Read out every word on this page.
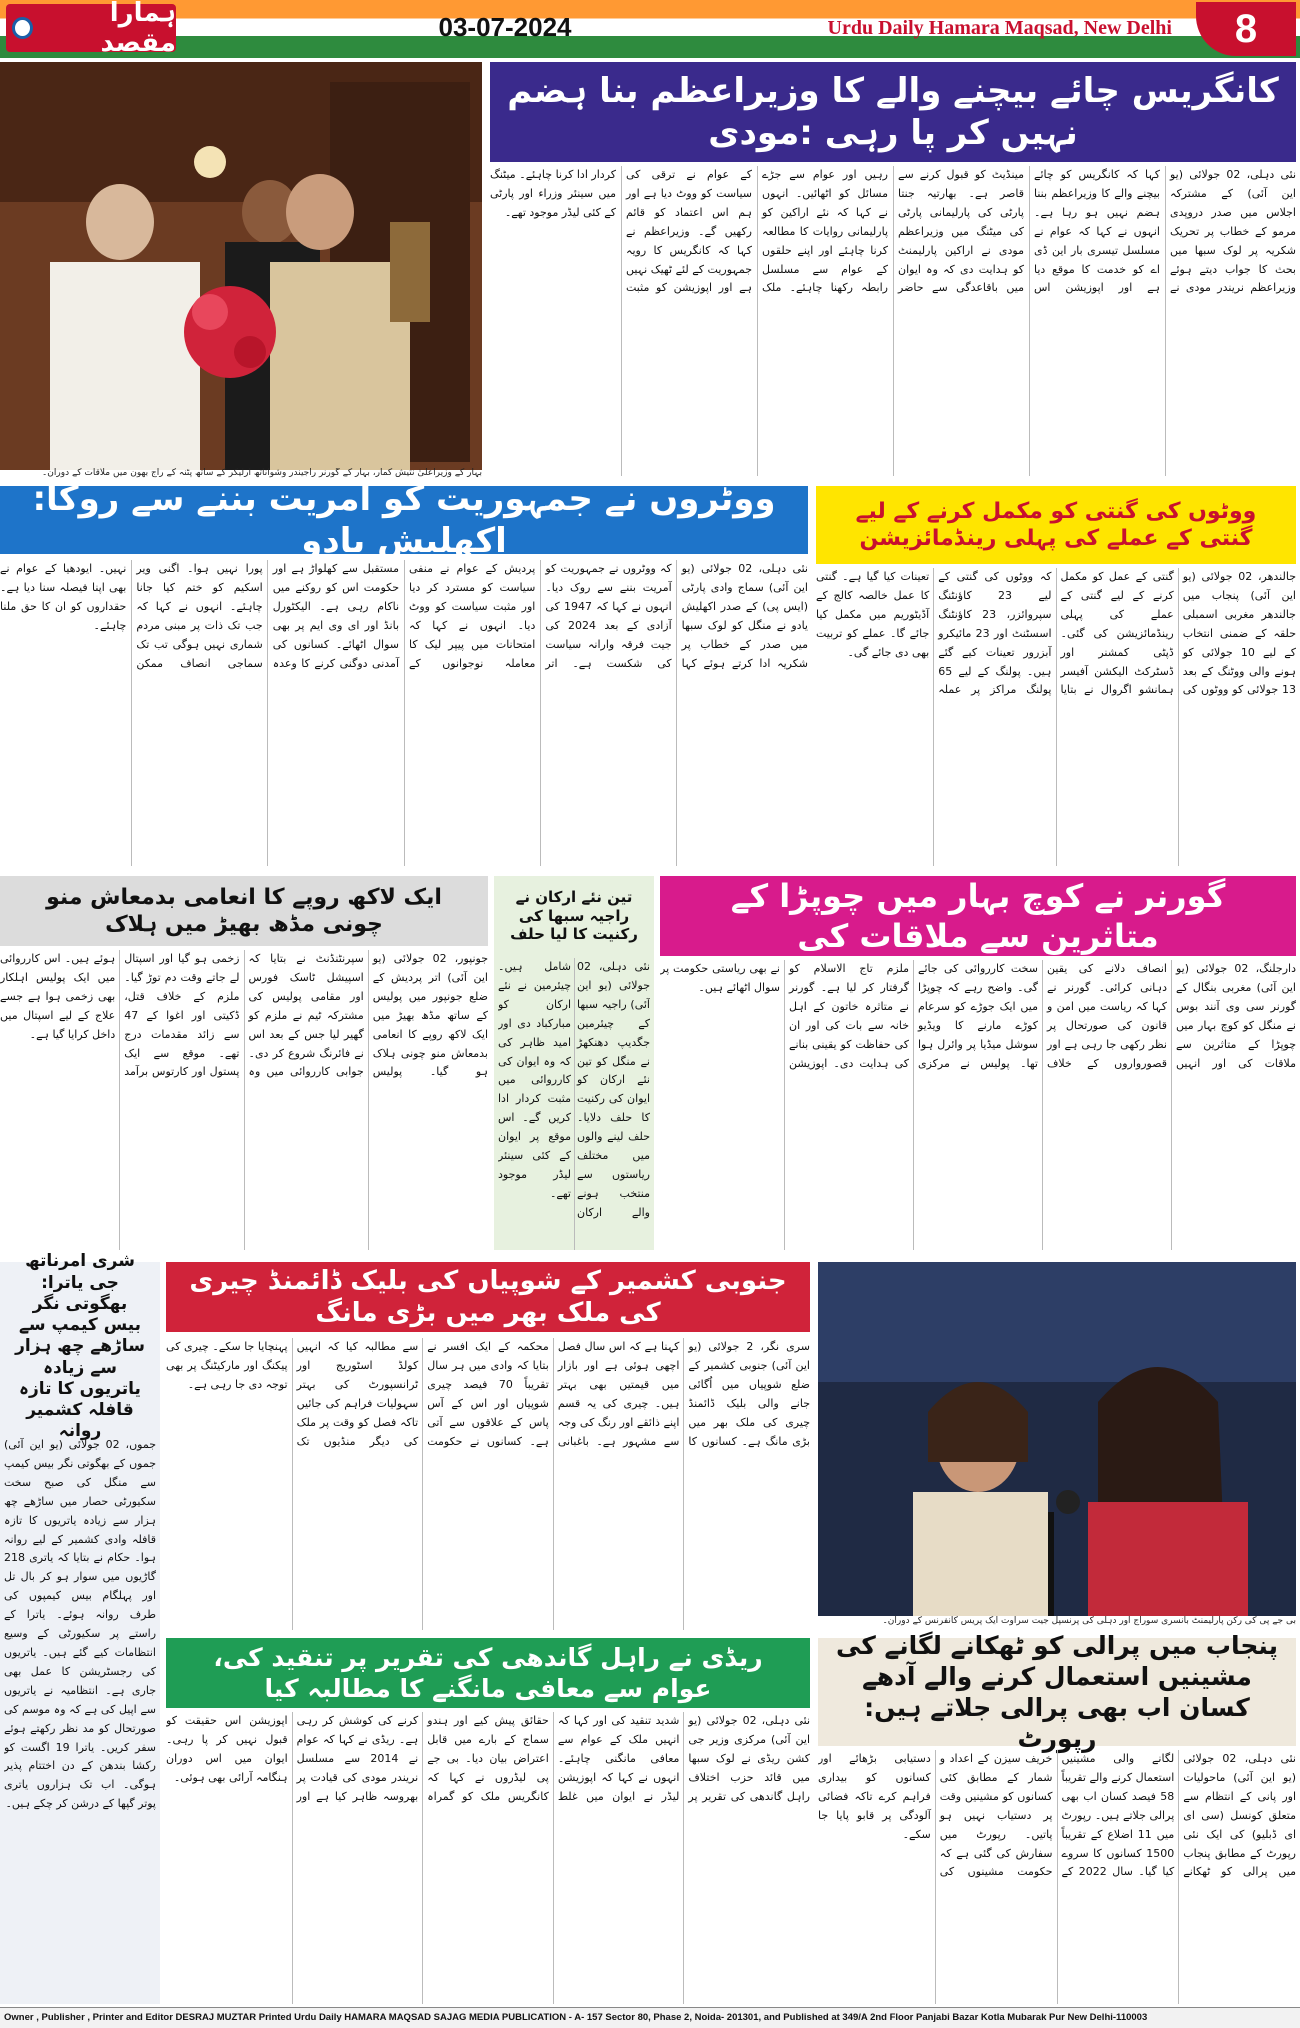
ہمارا مقصد
03-07-2024	Urdu Daily Hamara Maqsad, New Delhi	8
بہار کے وزیراعلیٰ نتیش کمار، بہار کے گورنر راجیندر وشواناتھ آرلیکر کے ساتھ پٹنہ کے راج بھون میں ملاقات کے دوران۔
کانگریس چائے بیچنے والے کا وزیراعظم بنا ہضم نہیں کر پا رہی :مودی
نئی دہلی، 02 جولائی (یو این آئی) کے مشترکہ اجلاس میں صدر دروپدی مرمو کے خطاب پر تحریک شکریہ پر لوک سبھا میں بحث کا جواب دیتے ہوئے وزیراعظم نریندر مودی نے کہا کہ کانگریس کو چائے بیچنے والے کا وزیراعظم بننا ہضم نہیں ہو رہا ہے۔ انہوں نے کہا کہ عوام نے مسلسل تیسری بار این ڈی اے کو خدمت کا موقع دیا ہے اور اپوزیشن اس مینڈیٹ کو قبول کرنے سے قاصر ہے۔ بھارتیہ جنتا پارٹی کی پارلیمانی پارٹی کی میٹنگ میں وزیراعظم مودی نے اراکین پارلیمنٹ کو ہدایت دی کہ وہ ایوان میں باقاعدگی سے حاضر رہیں اور عوام سے جڑے مسائل کو اٹھائیں۔ انہوں نے کہا کہ نئے اراکین کو پارلیمانی روایات کا مطالعہ کرنا چاہئے اور اپنے حلقوں کے عوام سے مسلسل رابطہ رکھنا چاہئے۔ ملک کے عوام نے ترقی کی سیاست کو ووٹ دیا ہے اور ہم اس اعتماد کو قائم رکھیں گے۔ وزیراعظم نے کہا کہ کانگریس کا رویہ جمہوریت کے لئے ٹھیک نہیں ہے اور اپوزیشن کو مثبت کردار ادا کرنا چاہئے۔ میٹنگ میں سینئر وزراء اور پارٹی کے کئی لیڈر موجود تھے۔
ووٹروں نے جمہوریت کو آمریت بننے سے روکا: اکھلیش یادو
نئی دہلی، 02 جولائی (یو این آئی) سماج وادی پارٹی (ایس پی) کے صدر اکھلیش یادو نے منگل کو لوک سبھا میں صدر کے خطاب پر شکریہ ادا کرتے ہوئے کہا کہ ووٹروں نے جمہوریت کو آمریت بننے سے روک دیا۔ انہوں نے کہا کہ 1947 کی آزادی کے بعد 2024 کی جیت فرقہ وارانہ سیاست کی شکست ہے۔ اتر پردیش کے عوام نے منفی سیاست کو مسترد کر دیا اور مثبت سیاست کو ووٹ دیا۔ انہوں نے کہا کہ امتحانات میں پیپر لیک کا معاملہ نوجوانوں کے مستقبل سے کھلواڑ ہے اور حکومت اس کو روکنے میں ناکام رہی ہے۔ الیکٹورل بانڈ اور ای وی ایم پر بھی سوال اٹھائے۔ کسانوں کی آمدنی دوگنی کرنے کا وعدہ پورا نہیں ہوا۔ اگنی ویر اسکیم کو ختم کیا جانا چاہئے۔ انہوں نے کہا کہ جب تک ذات پر مبنی مردم شماری نہیں ہوگی تب تک سماجی انصاف ممکن نہیں۔ ایودھیا کے عوام نے بھی اپنا فیصلہ سنا دیا ہے۔ حقداروں کو ان کا حق ملنا چاہئے۔
ووٹوں کی گنتی کو مکمل کرنے کے لیے گنتی کے عملے کی پہلی رینڈمائزیشن
جالندھر، 02 جولائی (یو این آئی) پنجاب میں جالندھر مغربی اسمبلی حلقہ کے ضمنی انتخاب کے لیے 10 جولائی کو ہونے والی ووٹنگ کے بعد 13 جولائی کو ووٹوں کی گنتی کے عمل کو مکمل کرنے کے لیے گنتی کے عملے کی پہلی رینڈمائزیشن کی گئی۔ ڈپٹی کمشنر اور ڈسٹرکٹ الیکشن آفیسر ہمانشو اگروال نے بتایا کہ ووٹوں کی گنتی کے لیے 23 کاؤنٹنگ سپروائزر، 23 کاؤنٹنگ اسسٹنٹ اور 23 مائیکرو آبزرور تعینات کیے گئے ہیں۔ پولنگ کے لیے 65 پولنگ مراکز پر عملہ تعینات کیا گیا ہے۔ گنتی کا عمل خالصہ کالج کے آڈیٹوریم میں مکمل کیا جائے گا۔ عملے کو تربیت بھی دی جائے گی۔
ایک لاکھ روپے کا انعامی بدمعاش منو چونی مڈھ بھیڑ میں ہلاک
جونپور، 02 جولائی (یو این آئی) اتر پردیش کے ضلع جونپور میں پولیس کے ساتھ مڈھ بھیڑ میں ایک لاکھ روپے کا انعامی بدمعاش منو چونی ہلاک ہو گیا۔ پولیس سپرنٹنڈنٹ نے بتایا کہ اسپیشل ٹاسک فورس اور مقامی پولیس کی مشترکہ ٹیم نے ملزم کو گھیر لیا جس کے بعد اس نے فائرنگ شروع کر دی۔ جوابی کارروائی میں وہ زخمی ہو گیا اور اسپتال لے جاتے وقت دم توڑ گیا۔ ملزم کے خلاف قتل، ڈکیتی اور اغوا کے 47 سے زائد مقدمات درج تھے۔ موقع سے ایک پستول اور کارتوس برآمد ہوئے ہیں۔ اس کارروائی میں ایک پولیس اہلکار بھی زخمی ہوا ہے جسے علاج کے لیے اسپتال میں داخل کرایا گیا ہے۔
تین نئے ارکان نے راجیہ سبھا کی رکنیت کا لیا حلف
نئی دہلی، 02 جولائی (یو این آئی) راجیہ سبھا کے چیئرمین جگدیپ دھنکھڑ نے منگل کو تین نئے ارکان کو ایوان کی رکنیت کا حلف دلایا۔ حلف لینے والوں میں مختلف ریاستوں سے منتخب ہونے والے ارکان شامل ہیں۔ چیئرمین نے نئے ارکان کو مبارکباد دی اور امید ظاہر کی کہ وہ ایوان کی کارروائی میں مثبت کردار ادا کریں گے۔ اس موقع پر ایوان کے کئی سینئر لیڈر موجود تھے۔
گورنر نے کوچ بہار میں چوپڑا کے متاثرین سے ملاقات کی
دارجلنگ، 02 جولائی (یو این آئی) مغربی بنگال کے گورنر سی وی آنند بوس نے منگل کو کوچ بہار میں چوپڑا کے متاثرین سے ملاقات کی اور انہیں انصاف دلانے کی یقین دہانی کرائی۔ گورنر نے کہا کہ ریاست میں امن و قانون کی صورتحال پر نظر رکھی جا رہی ہے اور قصورواروں کے خلاف سخت کارروائی کی جائے گی۔ واضح رہے کہ چوپڑا میں ایک جوڑے کو سرعام کوڑے مارنے کا ویڈیو سوشل میڈیا پر وائرل ہوا تھا۔ پولیس نے مرکزی ملزم تاج الاسلام کو گرفتار کر لیا ہے۔ گورنر نے متاثرہ خاتون کے اہل خانہ سے بات کی اور ان کی حفاظت کو یقینی بنانے کی ہدایت دی۔ اپوزیشن نے بھی ریاستی حکومت پر سوال اٹھائے ہیں۔
شری امرناتھ جی یاترا: بھگوتی نگر بیس کیمپ سے ساڑھے چھ ہزار سے زیادہ یاتریوں کا تازہ قافلہ کشمیر روانہ
جموں، 02 جولائی (یو این آئی) جموں کے بھگوتی نگر بیس کیمپ سے منگل کی صبح سخت سکیورٹی حصار میں ساڑھے چھ ہزار سے زیادہ یاتریوں کا تازہ قافلہ وادی کشمیر کے لیے روانہ ہوا۔ حکام نے بتایا کہ یاتری 218 گاڑیوں میں سوار ہو کر بال تل اور پہلگام بیس کیمپوں کی طرف روانہ ہوئے۔ یاترا کے راستے پر سکیورٹی کے وسیع انتظامات کیے گئے ہیں۔ یاتریوں کی رجسٹریشن کا عمل بھی جاری ہے۔ انتظامیہ نے یاتریوں سے اپیل کی ہے کہ وہ موسم کی صورتحال کو مد نظر رکھتے ہوئے سفر کریں۔ یاترا 19 اگست کو رکشا بندھن کے دن اختتام پذیر ہوگی۔ اب تک ہزاروں یاتری پوتر گپھا کے درشن کر چکے ہیں۔
جنوبی کشمیر کے شوپیاں کی بلیک ڈائمنڈ چیری کی ملک بھر میں بڑی مانگ
سری نگر، 2 جولائی (یو این آئی) جنوبی کشمیر کے ضلع شوپیاں میں اُگائی جانے والی بلیک ڈائمنڈ چیری کی ملک بھر میں بڑی مانگ ہے۔ کسانوں کا کہنا ہے کہ اس سال فصل اچھی ہوئی ہے اور بازار میں قیمتیں بھی بہتر ہیں۔ چیری کی یہ قسم اپنے ذائقے اور رنگ کی وجہ سے مشہور ہے۔ باغبانی محکمہ کے ایک افسر نے بتایا کہ وادی میں ہر سال تقریباً 70 فیصد چیری شوپیاں اور اس کے آس پاس کے علاقوں سے آتی ہے۔ کسانوں نے حکومت سے مطالبہ کیا کہ انہیں کولڈ اسٹوریج اور ٹرانسپورٹ کی بہتر سہولیات فراہم کی جائیں تاکہ فصل کو وقت پر ملک کی دیگر منڈیوں تک پہنچایا جا سکے۔ چیری کی پیکنگ اور مارکیٹنگ پر بھی توجہ دی جا رہی ہے۔
بی جے پی کی رکن پارلیمنٹ بانسری سوراج اور دہلی کی پرنسپل جیت سراوت ایک پریس کانفرنس کے دوران۔
ریڈی نے راہل گاندھی کی تقریر پر تنقید کی، عوام سے معافی مانگنے کا مطالبہ کیا
نئی دہلی، 02 جولائی (یو این آئی) مرکزی وزیر جی کشن ریڈی نے لوک سبھا میں قائد حزب اختلاف راہل گاندھی کی تقریر پر شدید تنقید کی اور کہا کہ انہیں ملک کے عوام سے معافی مانگنی چاہئے۔ انہوں نے کہا کہ اپوزیشن لیڈر نے ایوان میں غلط حقائق پیش کیے اور ہندو سماج کے بارے میں قابل اعتراض بیان دیا۔ بی جے پی لیڈروں نے کہا کہ کانگریس ملک کو گمراہ کرنے کی کوشش کر رہی ہے۔ ریڈی نے کہا کہ عوام نے 2014 سے مسلسل نریندر مودی کی قیادت پر بھروسہ ظاہر کیا ہے اور اپوزیشن اس حقیقت کو قبول نہیں کر پا رہی۔ ایوان میں اس دوران ہنگامہ آرائی بھی ہوئی۔
پنجاب میں پرالی کو ٹھکانے لگانے کی مشینیں استعمال کرنے والے آدھے کسان اب بھی پرالی جلاتے ہیں: رپورٹ
نئی دہلی، 02 جولائی (یو این آئی) ماحولیات اور پانی کے انتظام سے متعلق کونسل (سی ای ای ڈبلیو) کی ایک نئی رپورٹ کے مطابق پنجاب میں پرالی کو ٹھکانے لگانے والی مشینیں استعمال کرنے والے تقریباً 58 فیصد کسان اب بھی پرالی جلاتے ہیں۔ رپورٹ میں 11 اضلاع کے تقریباً 1500 کسانوں کا سروے کیا گیا۔ سال 2022 کے خریف سیزن کے اعداد و شمار کے مطابق کئی کسانوں کو مشینیں وقت پر دستیاب نہیں ہو پاتیں۔ رپورٹ میں سفارش کی گئی ہے کہ حکومت مشینوں کی دستیابی بڑھائے اور کسانوں کو بیداری فراہم کرے تاکہ فضائی آلودگی پر قابو پایا جا سکے۔
Owner , Publisher , Printer and Editor DESRAJ MUZTAR Printed Urdu Daily HAMARA MAQSAD SAJAG MEDIA PUBLICATION - A- 157 Sector 80, Phase 2, Noida- 201301, and Published at 349/A 2nd Floor Panjabi Bazar Kotla Mubarak Pur New Delhi-110003
